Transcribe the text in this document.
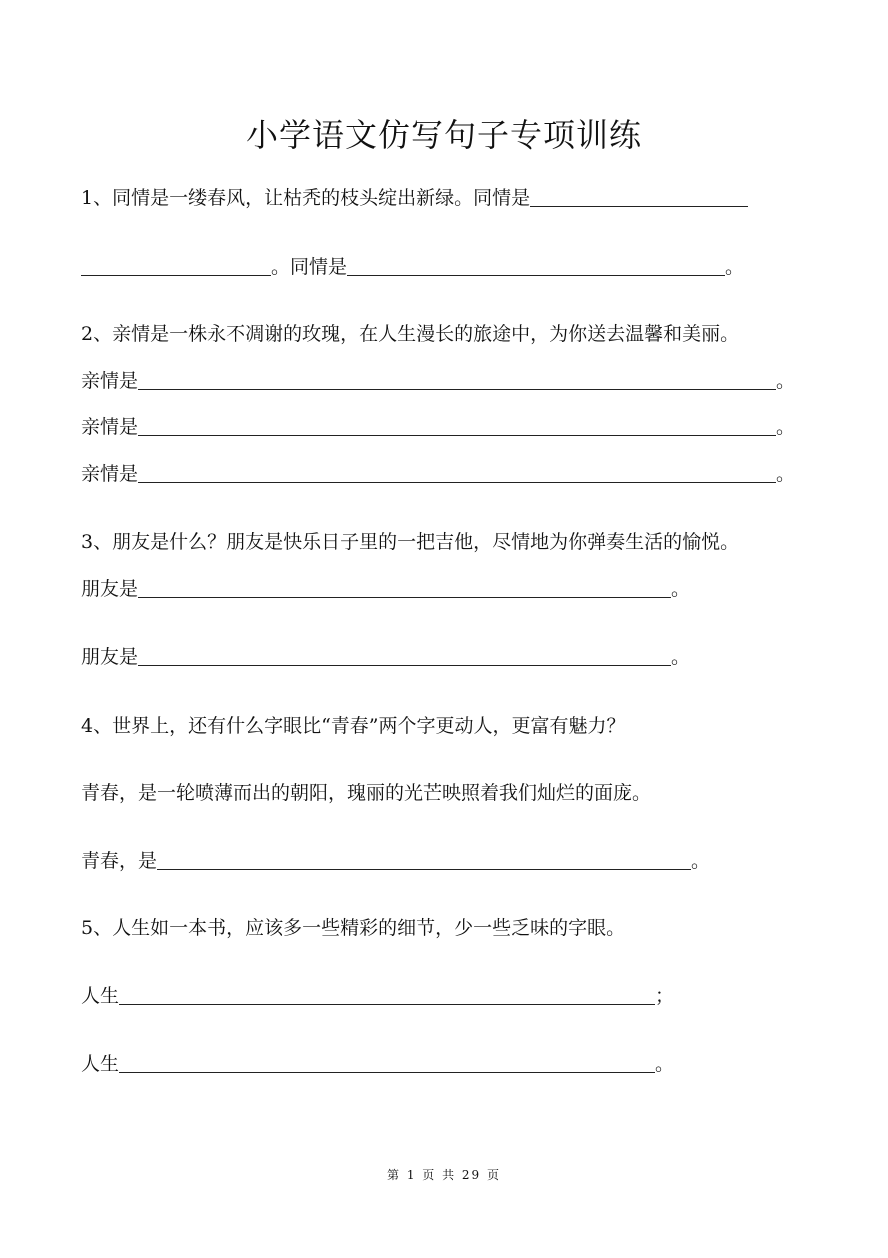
小学语文仿写句子专项训练
1、同情是一缕春风，让枯秃的枝头绽出新绿。同情是
。同情是	。
2、亲情是一株永不凋谢的玫瑰，在人生漫长的旅途中，为你送去温馨和美丽。
亲情是	。
亲情是	。
亲情是	。
3、朋友是什么？朋友是快乐日子里的一把吉他，尽情地为你弹奏生活的愉悦。
朋友是	。
朋友是	。
4、世界上，还有什么字眼比“青春”两个字更动人，更富有魅力？
青春，是一轮喷薄而出的朝阳，瑰丽的光芒映照着我们灿烂的面庞。
青春，是	。
5、人生如一本书，应该多一些精彩的细节，少一些乏味的字眼。
人生	；
人生	。
第 1 页 共 29 页
